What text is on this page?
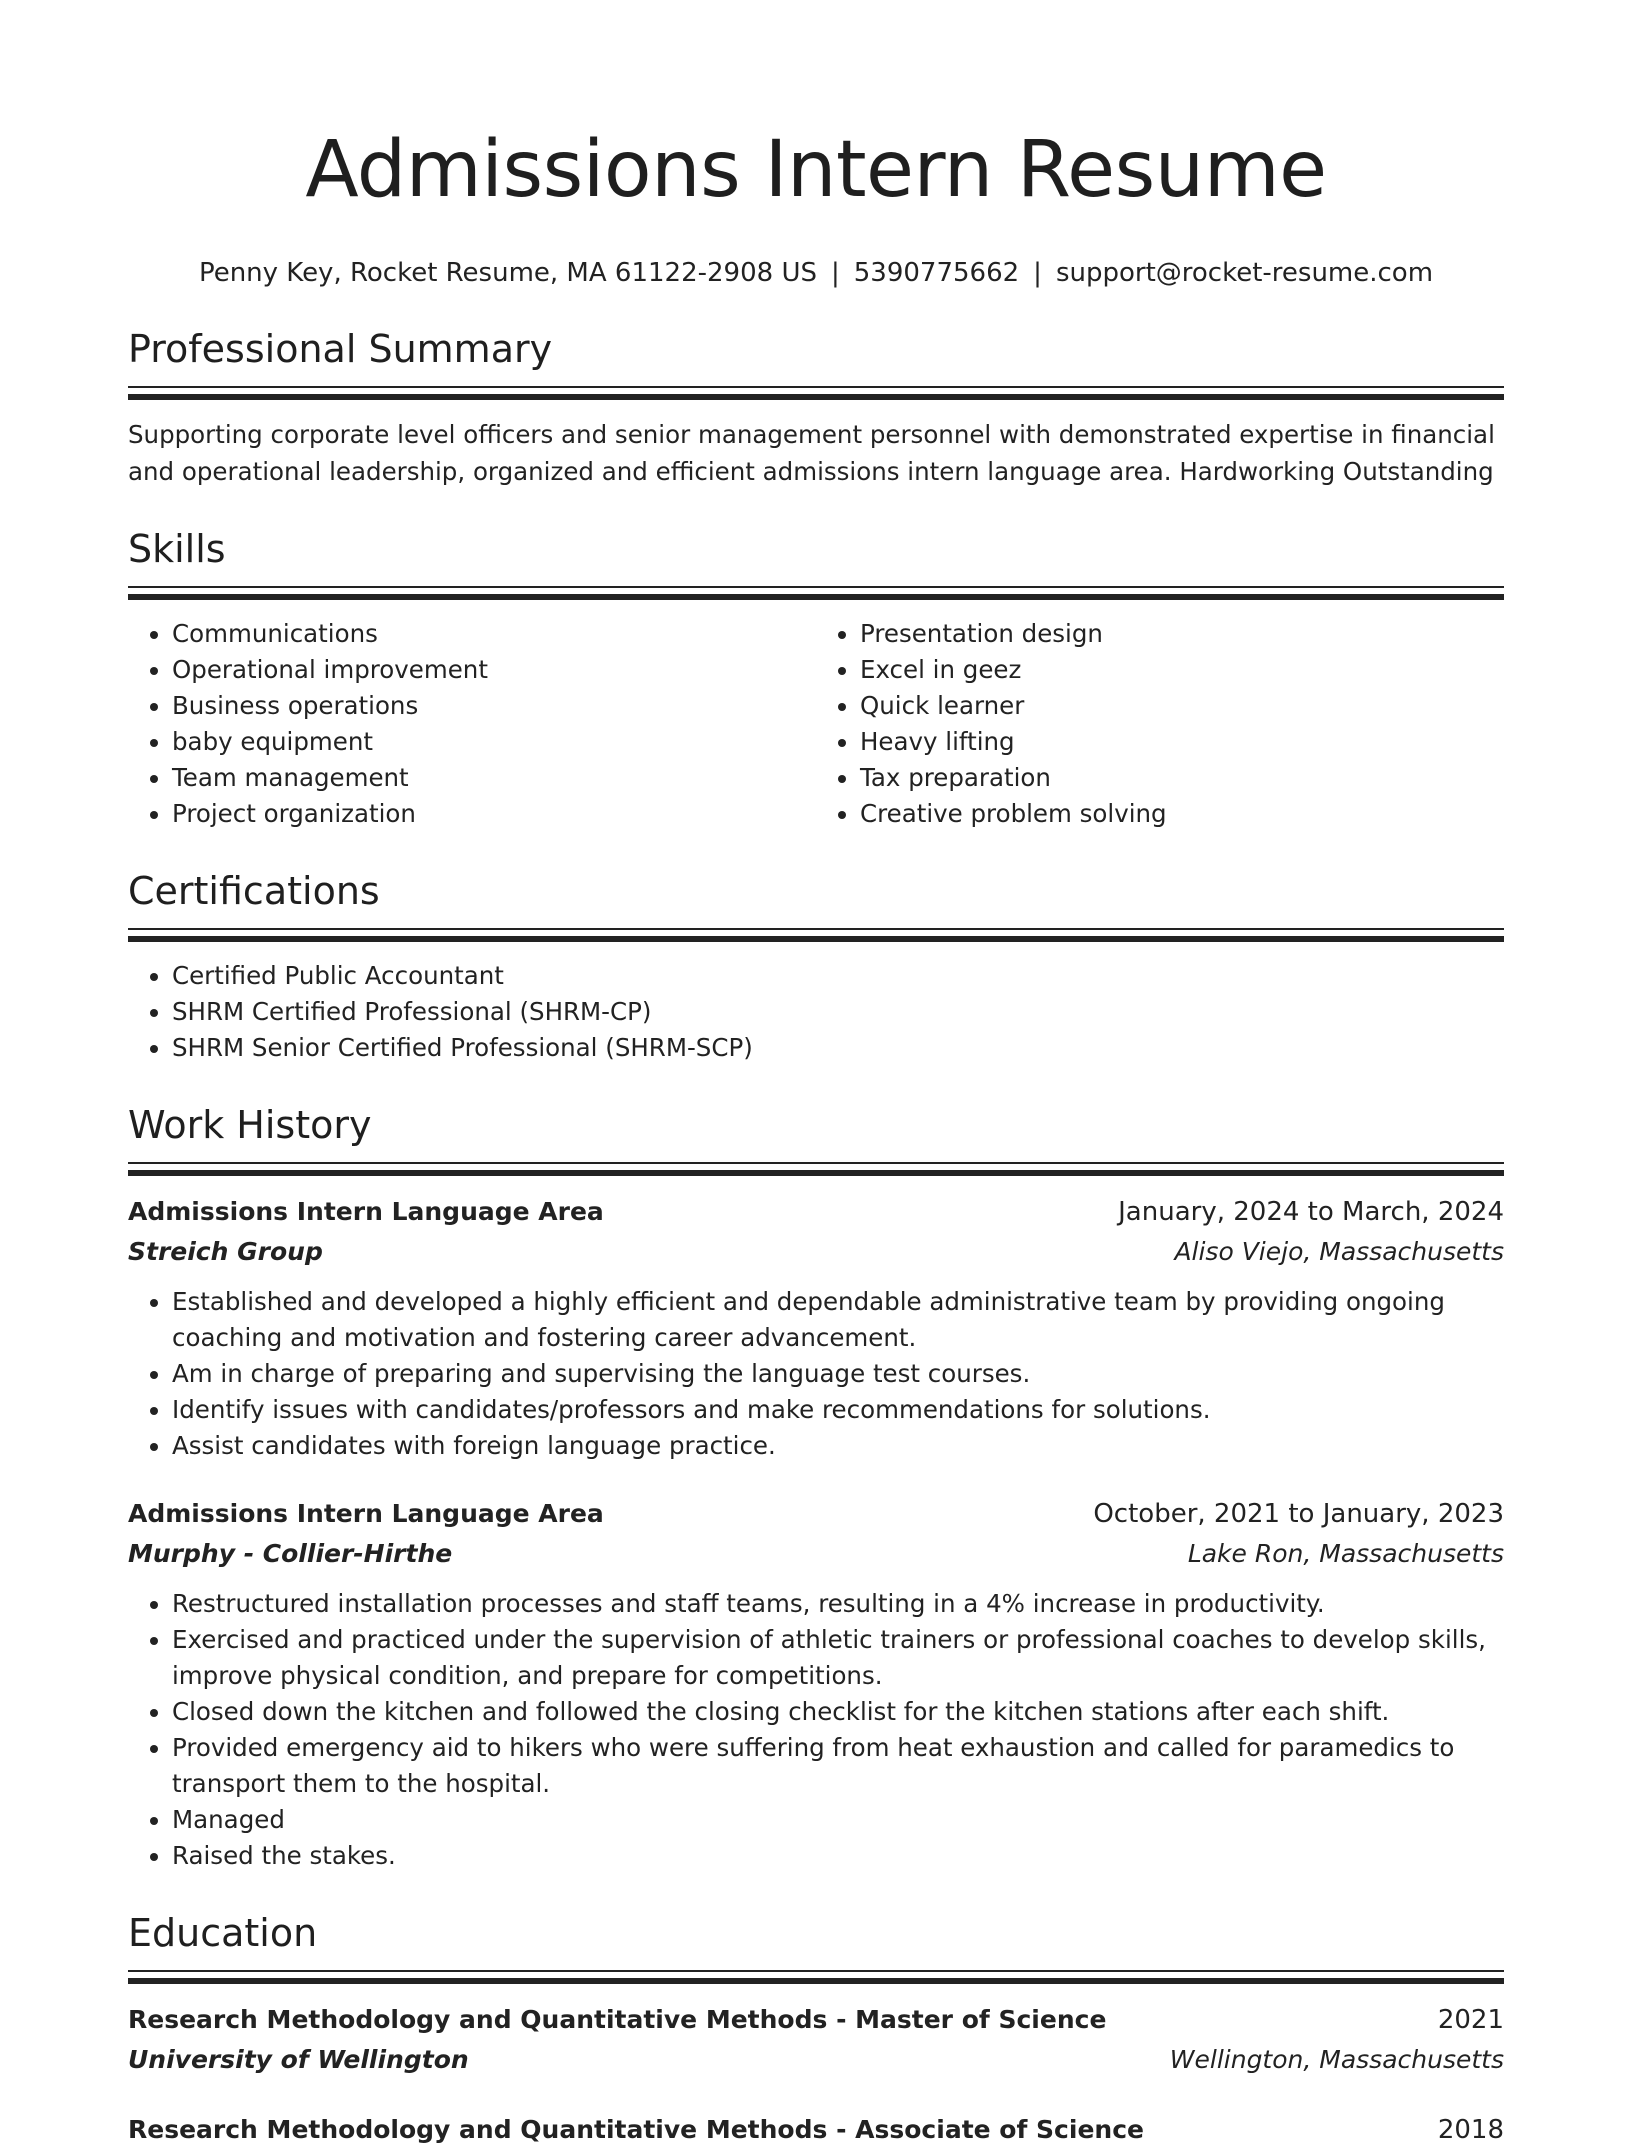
Admissions Intern Resume
Penny Key, Rocket Resume, MA 61122-2908 US | 5390775662 | support@rocket-resume.com
Professional Summary

Supporting corporate level officers and senior management personnel with demonstrated expertise in financial and operational leadership, organized and efficient admissions intern language area. Hardworking Outstanding

Skills
• Communications
• Operational improvement
• Business operations
• baby equipment
• Team management
• Project organization
• Presentation design
• Excel in geez
• Quick learner
• Heavy lifting
• Tax preparation
• Creative problem solving
Certifications
• Certified Public Accountant
• SHRM Certified Professional (SHRM-CP)
• SHRM Senior Certified Professional (SHRM-SCP)
Work History
Admissions Intern Language Area	January, 2024 to March, 2024
Streich Group	Aliso Viejo, Massachusetts
• Established and developed a highly efficient and dependable administrative team by providing ongoing coaching and motivation and fostering career advancement.
• Am in charge of preparing and supervising the language test courses.
• Identify issues with candidates/professors and make recommendations for solutions.
• Assist candidates with foreign language practice.
Admissions Intern Language Area	October, 2021 to January, 2023
Murphy - Collier-Hirthe	Lake Ron, Massachusetts
• Restructured installation processes and staff teams, resulting in a 4% increase in productivity.
• Exercised and practiced under the supervision of athletic trainers or professional coaches to develop skills, improve physical condition, and prepare for competitions.
• Closed down the kitchen and followed the closing checklist for the kitchen stations after each shift.
• Provided emergency aid to hikers who were suffering from heat exhaustion and called for paramedics to transport them to the hospital.
• Managed
• Raised the stakes.
Education
Research Methodology and Quantitative Methods - Master of Science	2021
University of Wellington	Wellington, Massachusetts
Research Methodology and Quantitative Methods - Associate of Science	2018
